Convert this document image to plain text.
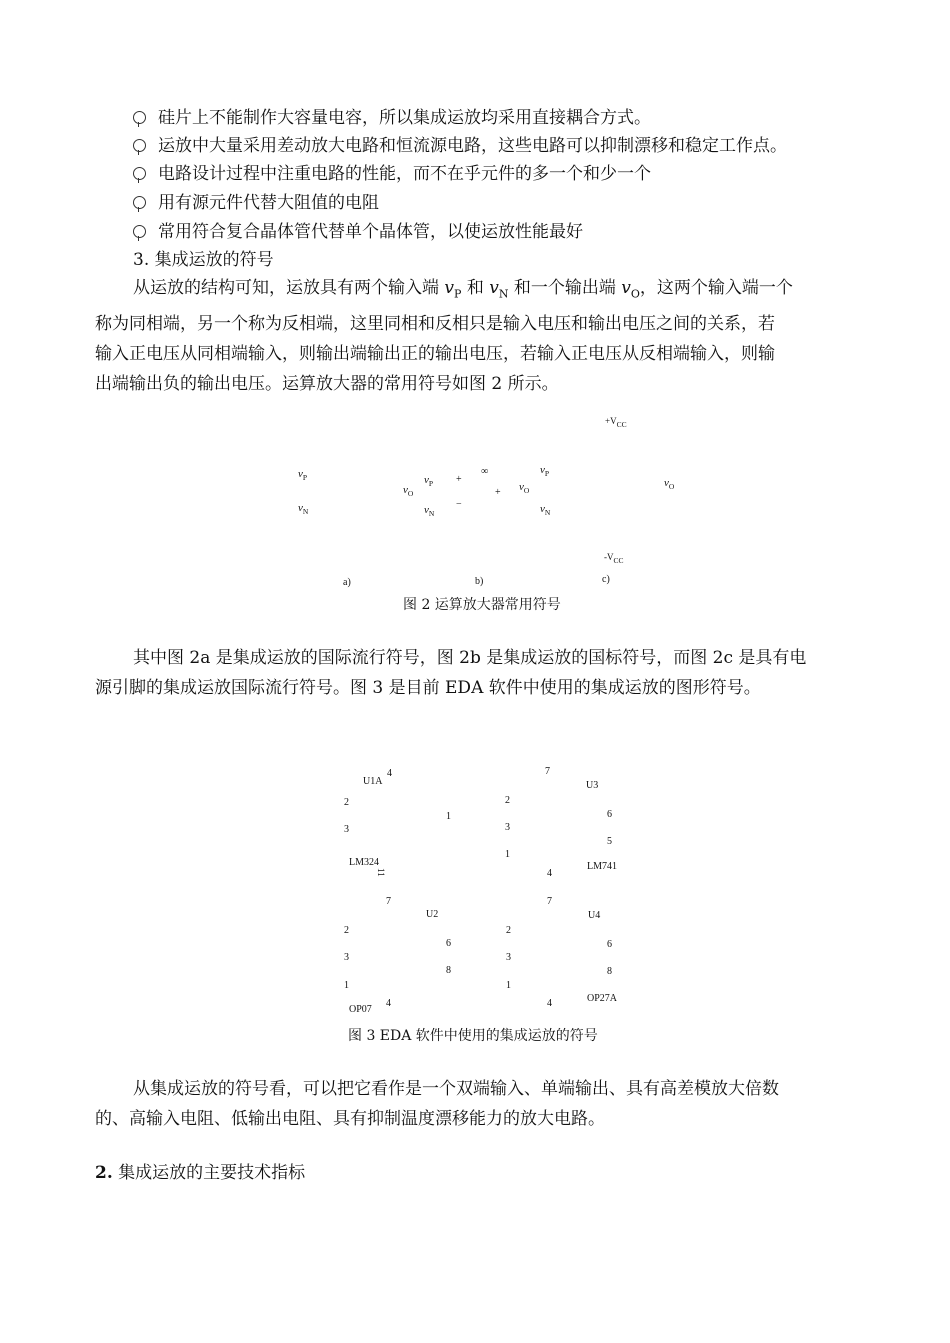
硅片上不能制作大容量电容，所以集成运放均采用直接耦合方式。
运放中大量采用差动放大电路和恒流源电路，这些电路可以抑制漂移和稳定工作点。
电路设计过程中注重电路的性能，而不在乎元件的多一个和少一个
用有源元件代替大阻值的电阻
常用符合复合晶体管代替单个晶体管，以使运放性能最好
3. 集成运放的符号
从运放的结构可知，运放具有两个输入端 $v_P$ 和 $v_N$ 和一个输出端 $v_O$，这两个输入端一个
称为同相端，另一个称为反相端，这里同相和反相只是输入电压和输出电压之间的关系，若
输入正电压从同相端输入，则输出端输出正的输出电压，若输入正电压从反相端输入，则输
出端输出负的输出电压。运算放大器的常用符号如图 2 所示。
$+V_{CC}$
$v_P$
$v_N$
$v_O$
$v_P$
$v_N$
+
−
∞
+ $v_O$
$v_P$
$v_N$
$v_O$
$-V_{CC}$
a)	b)	c)
图 2 运算放大器常用符号
其中图 2a 是集成运放的国际流行符号，图 2b 是集成运放的国标符号，而图 2c 是具有电
源引脚的集成运放国际流行符号。图 3 是目前 EDA 软件中使用的集成运放的图形符号。
U1A
4
2
3
1
LM324
11
7
U3
2
3
1
6
5
LM741
4
7
U2
2
3
1
6
8
OP07
4
7
U4
2
3
1
6
8
OP27A
4
图 3 EDA 软件中使用的集成运放的符号
从集成运放的符号看，可以把它看作是一个双端输入、单端输出、具有高差模放大倍数
的、高输入电阻、低输出电阻、具有抑制温度漂移能力的放大电路。
2. 集成运放的主要技术指标
